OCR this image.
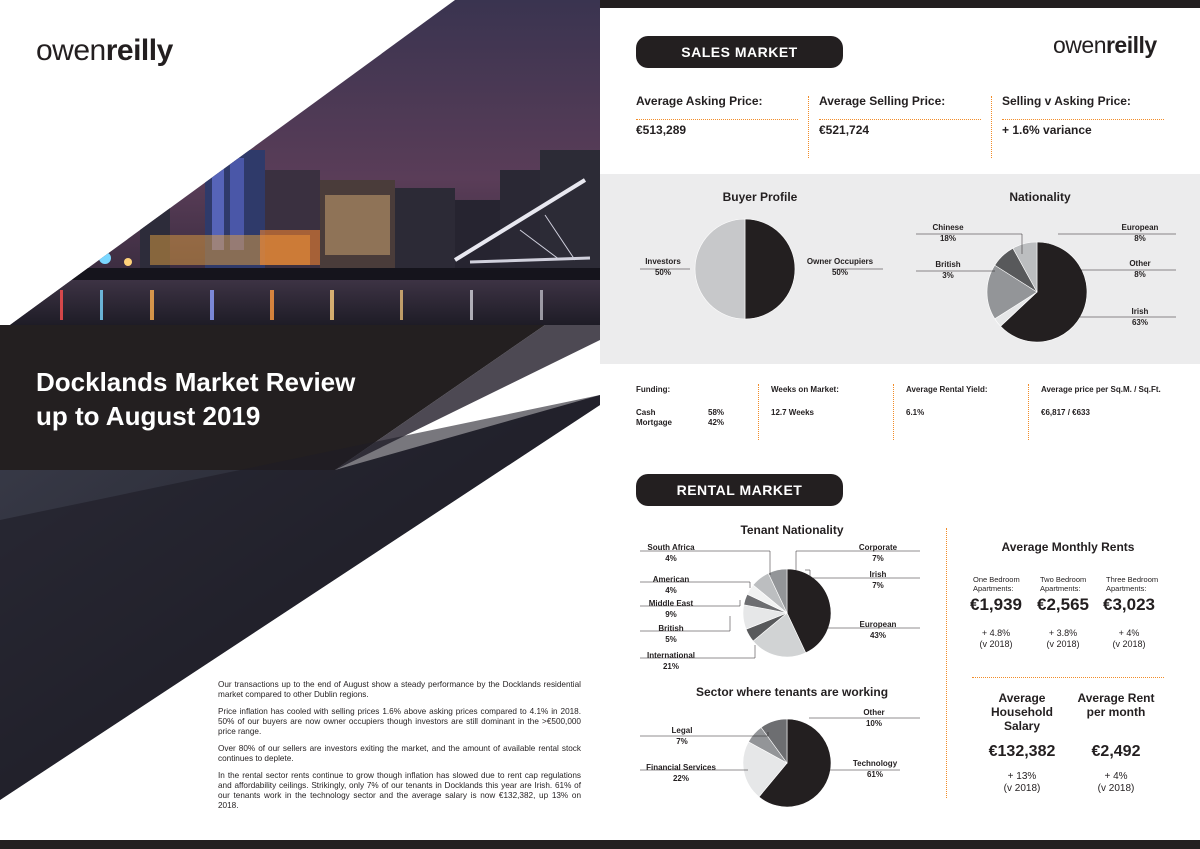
owenreilly
Docklands Market Review
up to August 2019

Our transactions up to the end of August show a steady performance by the Docklands residential market compared to other Dublin regions.

Price inflation has cooled with selling prices 1.6% above asking prices compared to 4.1% in 2018. 50% of our buyers are now owner occupiers though investors are still dominant in the >€500,000 price range.

Over 80% of our sellers are investors exiting the market, and the amount of available rental stock continues to deplete.

In the rental sector rents continue to grow though inflation has slowed due to rent cap regulations and affordability ceilings. Strikingly, only 7% of our tenants in Docklands this year are Irish. 61% of our tenants work in the technology sector and the average salary is now €132,382, up 13% on 2018.

SALES MARKET	owenreilly
Average Asking Price:
€513,289
Average Selling Price:
€521,724
Selling v Asking Price:
+ 1.6% variance
Buyer Profile	Nationality
Investors
50%
Owner Occupiers
50%
Chinese
18%
British
3%
European
8%
Other
8%
Irish
63%
Funding:
Cash	58%
Mortgage	42%
Weeks on Market:
12.7 Weeks
Average Rental Yield:
6.1%
Average price per Sq.M. / Sq.Ft.
€6,817 / €633
RENTAL MARKET
Tenant Nationality
Sector where tenants are working
South Africa
4%
American
4%
Middle East
9%
British
5%
International
21%
Corporate
7%
Irish
7%
European
43%
Legal
7%
Financial Services
22%
Other
10%
Technology
61%
Average Monthly Rents
One Bedroom Apartments:
€1,939
+ 4.8%
(v 2018)
Two Bedroom Apartments:
€2,565
+ 3.8%
(v 2018)
Three Bedroom Apartments:
€3,023
+ 4%
(v 2018)
Average Household Salary
€132,382
+ 13%
(v 2018)
Average Rent per month
€2,492
+ 4%
(v 2018)
